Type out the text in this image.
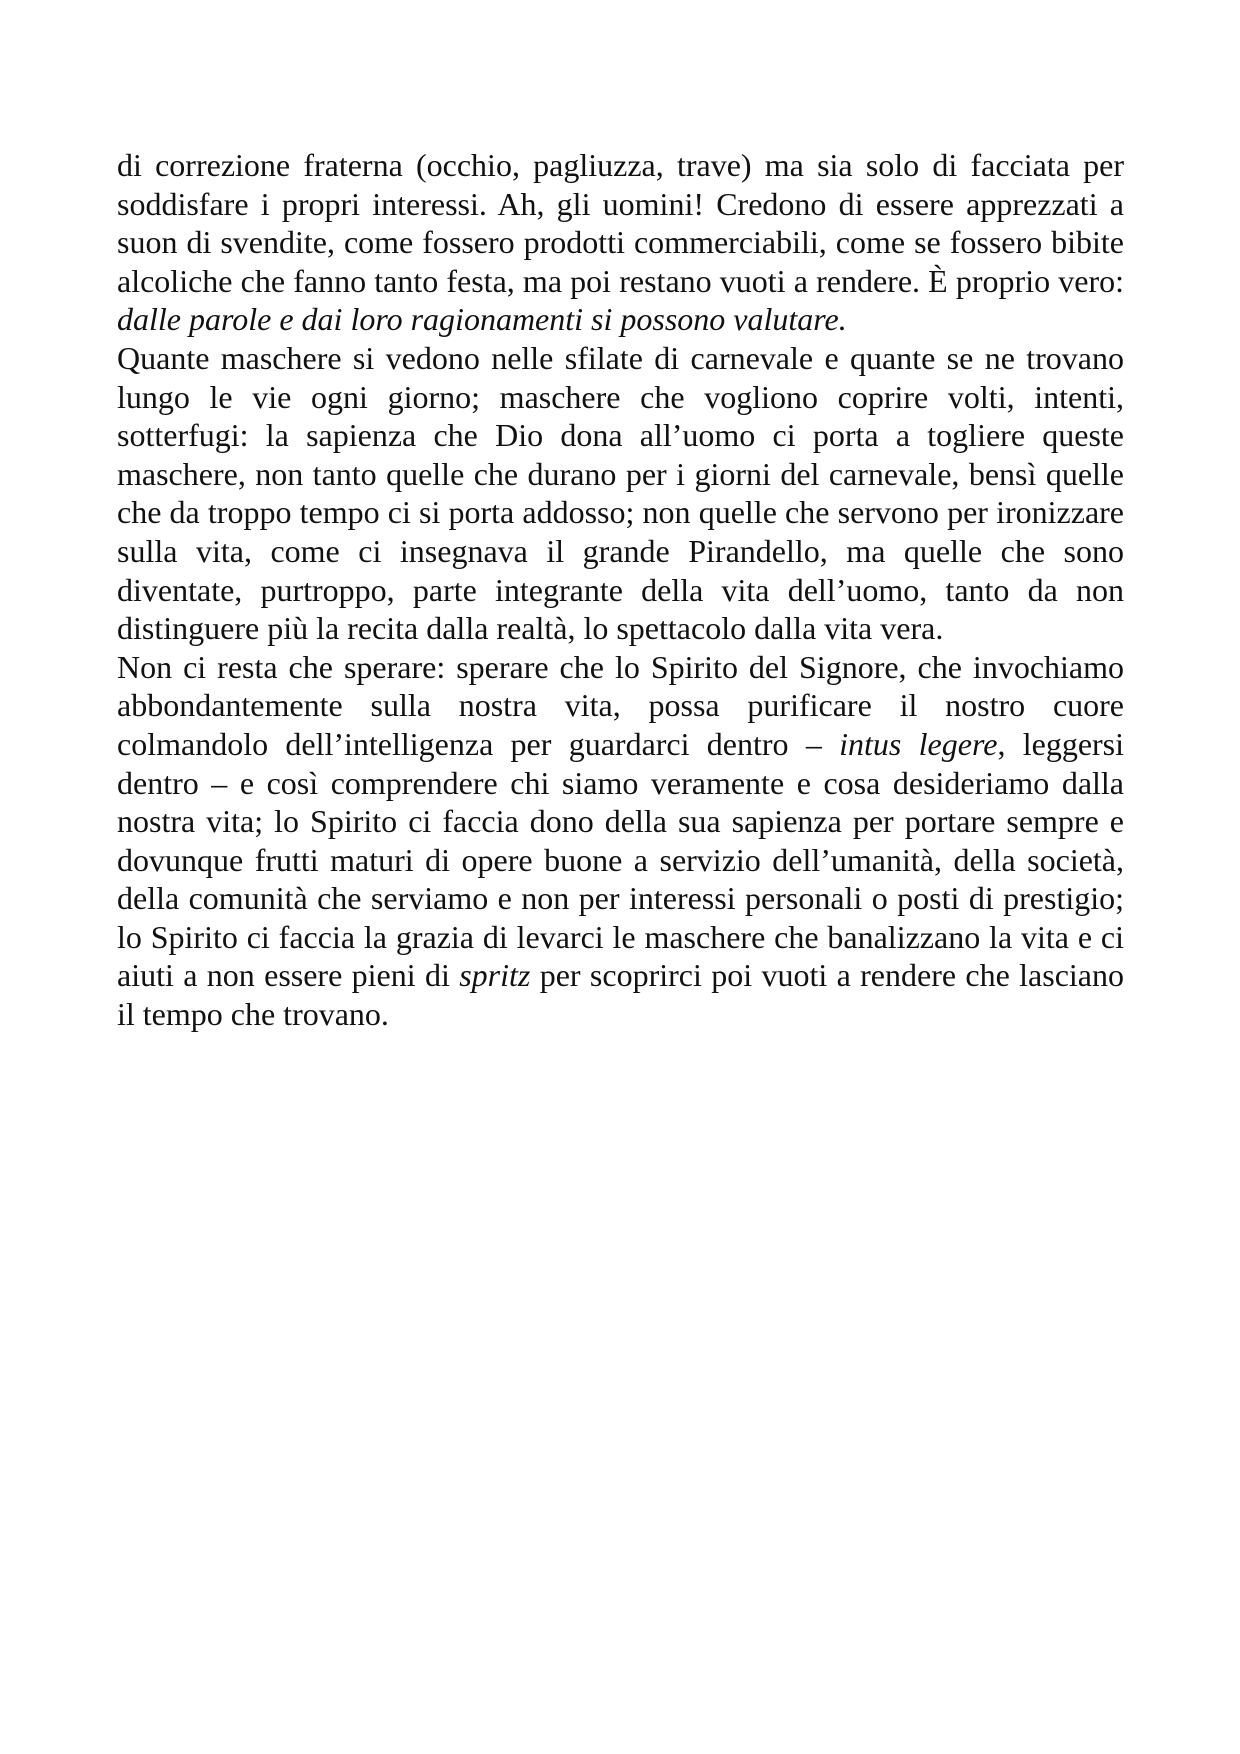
di correzione fraterna (occhio, pagliuzza, trave) ma sia solo di facciata per soddisfare i propri interessi. Ah, gli uomini! Credono di essere apprezzati a suon di svendite, come fossero prodotti commerciabili, come se fossero bibite alcoliche che fanno tanto festa, ma poi restano vuoti a rendere. È proprio vero: dalle parole e dai loro ragionamenti si possono valutare.

Quante maschere si vedono nelle sfilate di carnevale e quante se ne trovano lungo le vie ogni giorno; maschere che vogliono coprire volti, intenti, sotterfugi: la sapienza che Dio dona all’uomo ci porta a togliere queste maschere, non tanto quelle che durano per i giorni del carnevale, bensì quelle che da troppo tempo ci si porta addosso; non quelle che servono per ironizzare sulla vita, come ci insegnava il grande Pirandello, ma quelle che sono diventate, purtroppo, parte integrante della vita dell’uomo, tanto da non distinguere più la recita dalla realtà, lo spettacolo dalla vita vera.

Non ci resta che sperare: sperare che lo Spirito del Signore, che invochiamo abbondantemente sulla nostra vita, possa purificare il nostro cuore colmandolo dell’intelligenza per guardarci dentro – intus legere, leggersi dentro – e così comprendere chi siamo veramente e cosa desideriamo dalla nostra vita; lo Spirito ci faccia dono della sua sapienza per portare sempre e dovunque frutti maturi di opere buone a servizio dell’umanità, della società, della comunità che serviamo e non per interessi personali o posti di prestigio; lo Spirito ci faccia la grazia di levarci le maschere che banalizzano la vita e ci aiuti a non essere pieni di spritz per scoprirci poi vuoti a rendere che lasciano il tempo che trovano.
